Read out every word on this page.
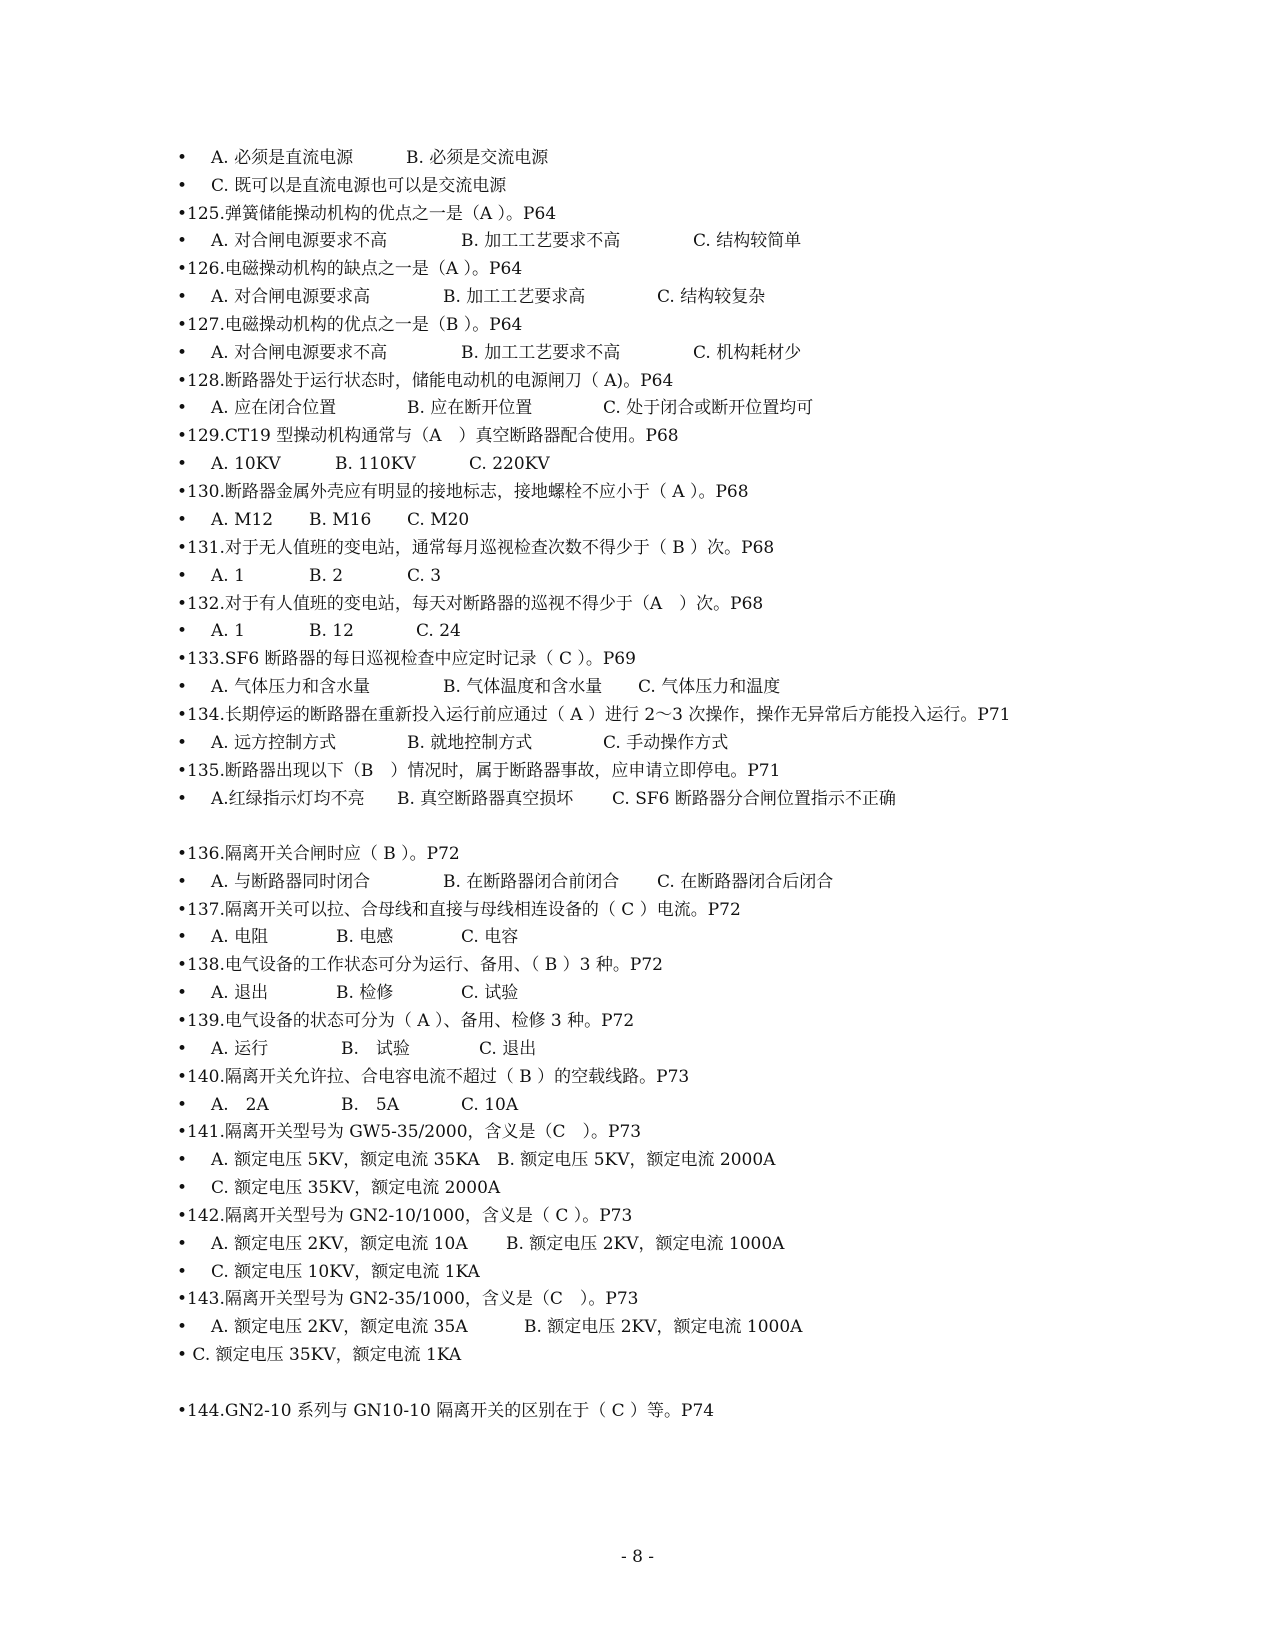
• A. 必须是直流电源	B. 必须是交流电源
• C. 既可以是直流电源也可以是交流电源
•125.弹簧储能操动机构的优点之一是（A ）。P64
• A. 对合闸电源要求不高	B. 加工工艺要求不高	C. 结构较简单
•126.电磁操动机构的缺点之一是（A ）。P64
• A. 对合闸电源要求高	B. 加工工艺要求高	C. 结构较复杂
•127.电磁操动机构的优点之一是（B ）。P64
• A. 对合闸电源要求不高	B. 加工工艺要求不高	C. 机构耗材少
•128.断路器处于运行状态时，储能电动机的电源闸刀（ A)。P64
• A. 应在闭合位置	B. 应在断开位置	C. 处于闭合或断开位置均可
•129.CT19 型操动机构通常与（A　）真空断路器配合使用。P68
• A. 10KV	B. 110KV	C. 220KV
•130.断路器金属外壳应有明显的接地标志，接地螺栓不应小于（ A ）。P68
• A. M12 B. M16 C. M20
•131.对于无人值班的变电站，通常每月巡视检查次数不得少于（ B ）次。P68
• A. 1	B. 2	C. 3
•132.对于有人值班的变电站，每天对断路器的巡视不得少于（A　）次。P68
• A. 1	B. 12	C. 24
•133.SF6 断路器的每日巡视检查中应定时记录（ C ）。P69
• A. 气体压力和含水量	B. 气体温度和含水量 C. 气体压力和温度
•134.长期停运的断路器在重新投入运行前应通过（ A ）进行 2～3 次操作，操作无异常后方能投入运行。P71
• A. 远方控制方式	B. 就地控制方式	C. 手动操作方式
•135.断路器出现以下（B　）情况时，属于断路器事故，应申请立即停电。P71
• A.红绿指示灯均不亮 B. 真空断路器真空损坏 C. SF6 断路器分合闸位置指示不正确
•136.隔离开关合闸时应（ B ）。P72
• A. 与断路器同时闭合	B. 在断路器闭合前闭合 C. 在断路器闭合后闭合
•137.隔离开关可以拉、合母线和直接与母线相连设备的（ C ）电流。P72
• A. 电阻	B. 电感	C. 电容
•138.电气设备的工作状态可分为运行、备用、（ B ）3 种。P72
• A. 退出	B. 检修	C. 试验
•139.电气设备的状态可分为（ A ）、备用、检修 3 种。P72
• A. 运行	B.　试验	C. 退出
•140.隔离开关允许拉、合电容电流不超过（ B ）的空载线路。P73
• A.　2A	B.　5A	C. 10A
•141.隔离开关型号为 GW5-35/2000，含义是（C　）。P73
• A. 额定电压 5KV，额定电流 35KA B. 额定电压 5KV，额定电流 2000A
• C. 额定电压 35KV，额定电流 2000A
•142.隔离开关型号为 GN2-10/1000，含义是（ C ）。P73
• A. 额定电压 2KV，额定电流 10A B. 额定电压 2KV，额定电流 1000A
• C. 额定电压 10KV，额定电流 1KA
•143.隔离开关型号为 GN2-35/1000，含义是（C　）。P73
• A. 额定电压 2KV，额定电流 35A	B. 额定电压 2KV，额定电流 1000A
• C. 额定电压 35KV，额定电流 1KA
•144.GN2-10 系列与 GN10-10 隔离开关的区别在于（ C ）等。P74
- 8 -
